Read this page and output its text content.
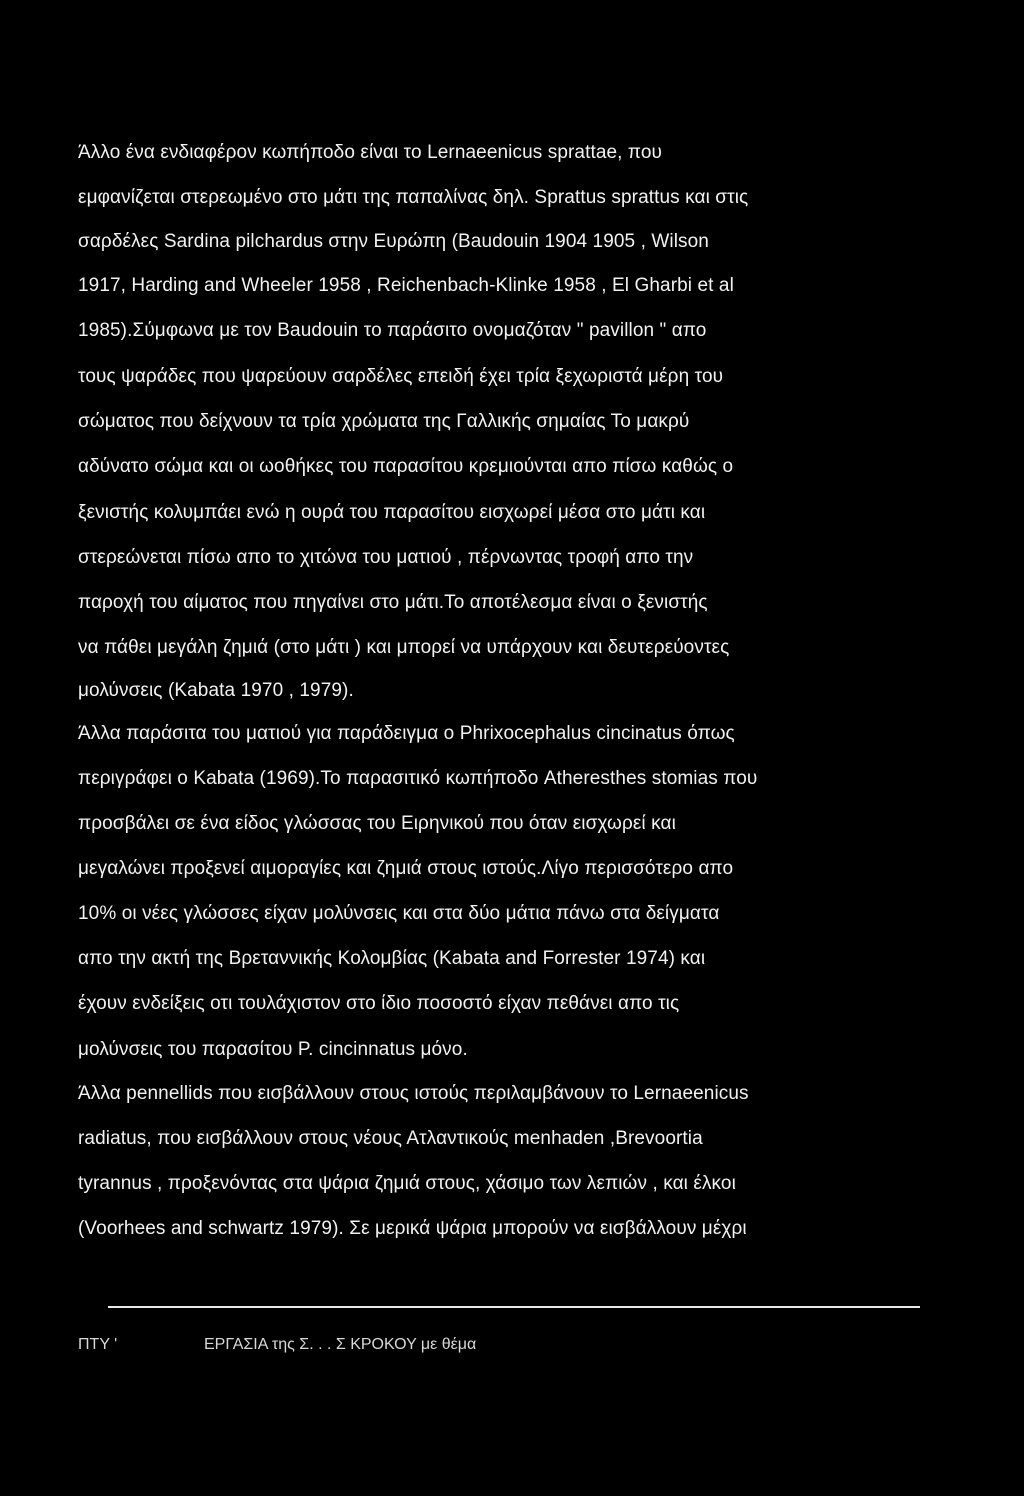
Άλλο ένα ενδιαφέρον κωπήποδο είναι το Lernaeenicus sprattae, που
εμφανίζεται στερεωμένο στο μάτι της παπαλίνας δηλ. Sprattus sprattus και στις
σαρδέλες Sardina pilchardus στην Ευρώπη (Baudouin 1904 1905 , Wilson
1917, Harding and Wheeler 1958 , Reichenbach-Klinke 1958 , El Gharbi et al
1985).Σύμφωνα με τον Baudouin το παράσιτο ονομαζόταν " pavillon " απο
τους ψαράδες που ψαρεύουν σαρδέλες επειδή έχει τρία ξεχωριστά μέρη του
σώματος που δείχνουν τα τρία χρώματα της Γαλλικής σημαίας Το μακρύ
αδύνατο σώμα και οι ωοθήκες του παρασίτου κρεμιούνται απο πίσω καθώς ο
ξενιστής κολυμπάει ενώ η ουρά του παρασίτου εισχωρεί μέσα στο μάτι και
στερεώνεται πίσω απο το χιτώνα του ματιού , πέρνωντας τροφή απο την
παροχή του αίματος που πηγαίνει στο μάτι.Το αποτέλεσμα είναι ο ξενιστής
να πάθει μεγάλη ζημιά (στο μάτι ) και μπορεί να υπάρχουν και δευτερεύοντες
μολύνσεις (Kabata 1970 , 1979).
Άλλα παράσιτα του ματιού για παράδειγμα ο Phrixocephalus cincinatus όπως
περιγράφει ο Kabata (1969).Το παρασιτικό κωπήποδο Atheresthes stomias που
προσβάλει σε ένα είδος γλώσσας του Ειρηνικού που όταν εισχωρεί και
μεγαλώνει προξενεί αιμοραγίες και ζημιά στους ιστούς.Λίγο περισσότερο απο
10% οι νέες γλώσσες είχαν μολύνσεις και στα δύο μάτια πάνω στα δείγματα
απο την ακτή της Βρεταννικής Κολομβίας (Kabata and Forrester 1974) και
έχουν ενδείξεις οτι τουλάχιστον στο ίδιο ποσοστό είχαν πεθάνει απο τις
μολύνσεις του παρασίτου P. cincinnatus μόνο.
Άλλα pennellids που εισβάλλουν στους ιστούς περιλαμβάνουν το Lernaeenicus
radiatus, που εισβάλλουν στους νέους Ατλαντικούς menhaden ,Brevoortia
tyrannus , προξενόντας στα ψάρια ζημιά στους, χάσιμο των λεπιών , και έλκοι
(Voorhees and schwartz 1979). Σε μερικά ψάρια μπορούν να εισβάλλουν μέχρι
ΠΤΥ '	ΕΡΓΑΣΙΑ της Σ. . . Σ ΚΡΟΚΟΥ με θέμα
